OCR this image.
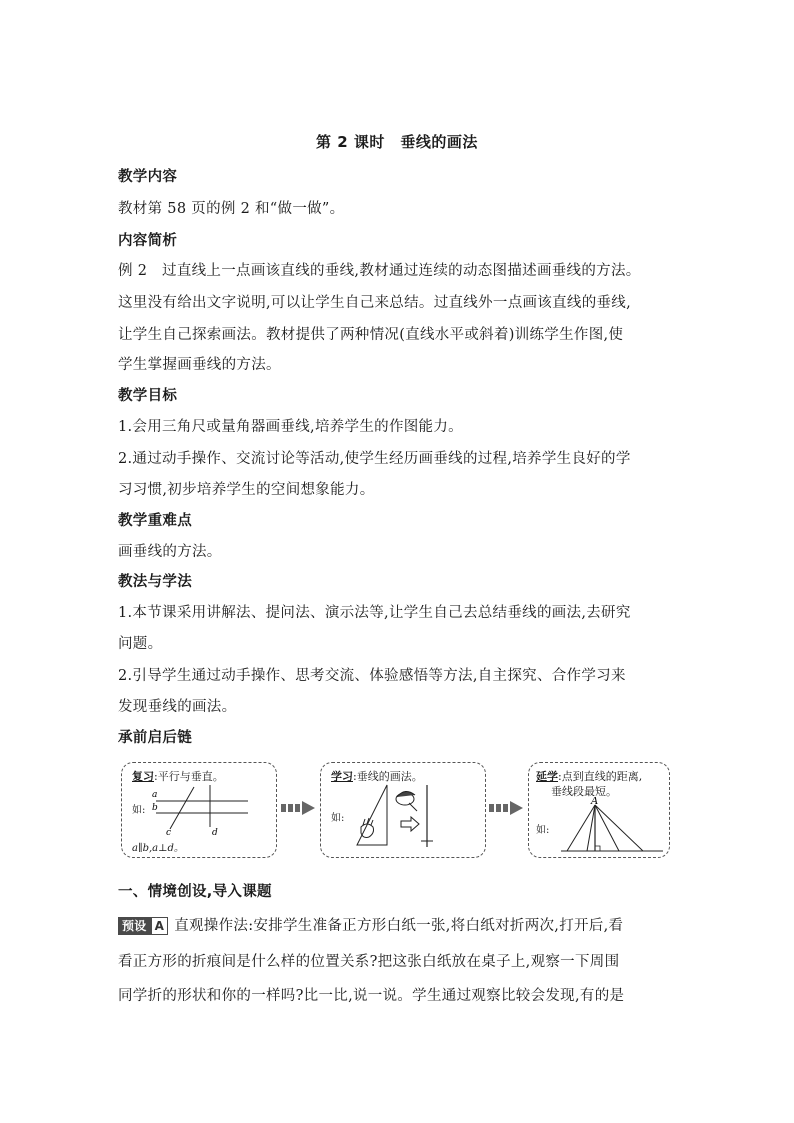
第 2 课时　垂线的画法
教学内容
教材第 58 页的例 2 和“做一做”。
内容简析
例 2　过直线上一点画该直线的垂线,教材通过连续的动态图描述画垂线的方法。
这里没有给出文字说明,可以让学生自己来总结。过直线外一点画该直线的垂线,
让学生自己探索画法。教材提供了两种情况(直线水平或斜着)训练学生作图,使
学生掌握画垂线的方法。
教学目标
1.会用三角尺或量角器画垂线,培养学生的作图能力。
2.通过动手操作、交流讨论等活动,使学生经历画垂线的过程,培养学生良好的学
习习惯,初步培养学生的空间想象能力。
教学重难点
画垂线的方法。
教法与学法
1.本节课采用讲解法、提问法、演示法等,让学生自己去总结垂线的画法,去研究
问题。
2.引导学生通过动手操作、思考交流、体验感悟等方法,自主探究、合作学习来
发现垂线的画法。
承前启后链
复习:平行与垂直。
如:
a
b
c	d
a∥b,a⊥d。
学习:垂线的画法。
如:
延学:点到直线的距离,
垂线段最短。
如:
A
一、情境创设,导入课题
预设 A 直观操作法:安排学生准备正方形白纸一张,将白纸对折两次,打开后,看
看正方形的折痕间是什么样的位置关系?把这张白纸放在桌子上,观察一下周围
同学折的形状和你的一样吗?比一比,说一说。学生通过观察比较会发现,有的是
